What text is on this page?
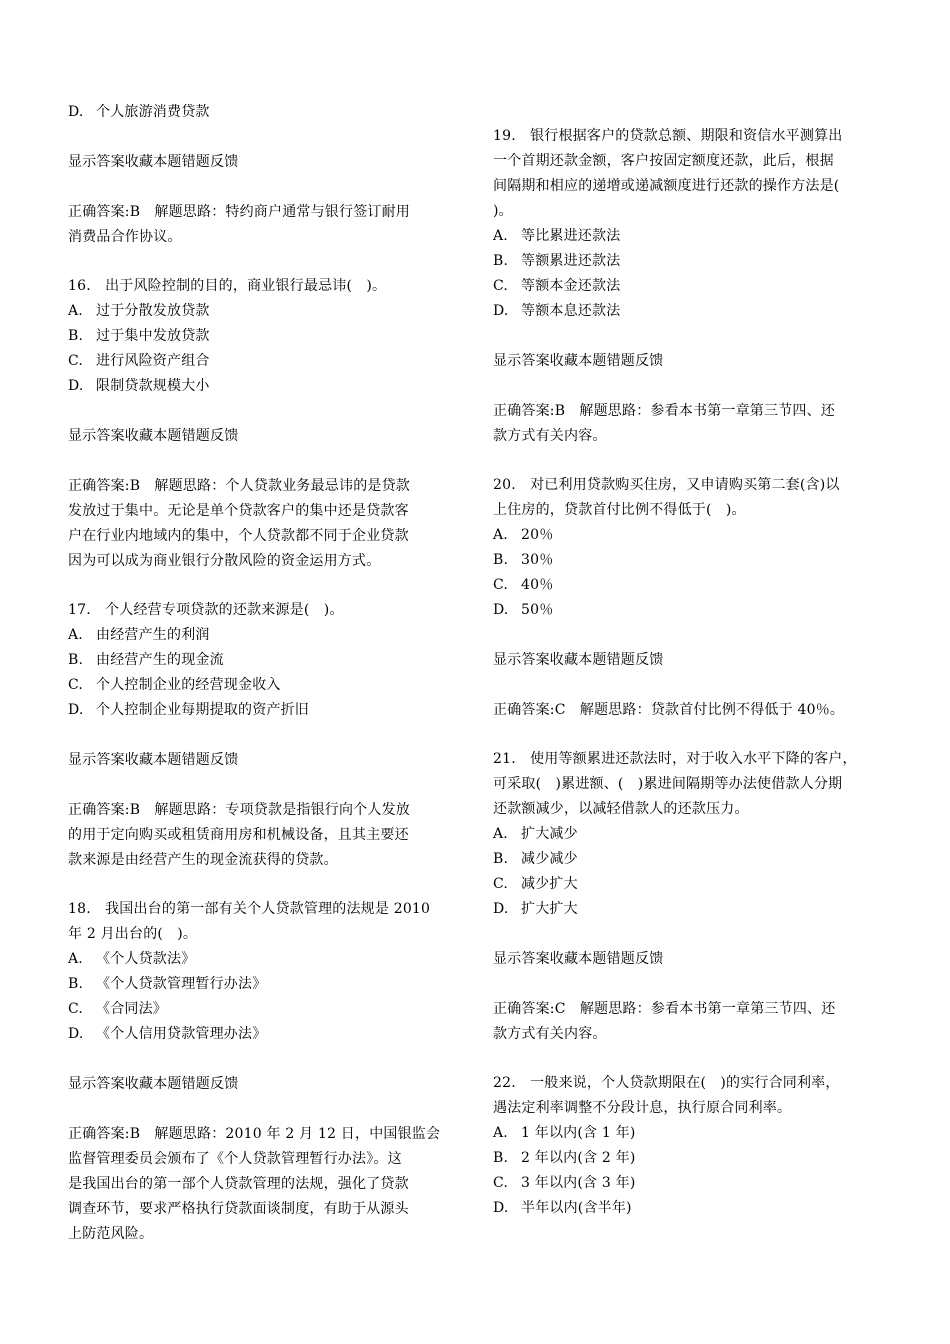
D. 个人旅游消费贷款
显示答案收藏本题错题反馈
正确答案:B　解题思路：特约商户通常与银行签订耐用
消费品合作协议。
16.　出于风险控制的目的，商业银行最忌讳(　)。
A. 过于分散发放贷款
B. 过于集中发放贷款
C. 进行风险资产组合
D. 限制贷款规模大小
显示答案收藏本题错题反馈
正确答案:B　解题思路：个人贷款业务最忌讳的是贷款
发放过于集中。无论是单个贷款客户的集中还是贷款客
户在行业内地域内的集中，个人贷款都不同于企业贷款
因为可以成为商业银行分散风险的资金运用方式。
17.　个人经营专项贷款的还款来源是(　)。
A. 由经营产生的利润
B. 由经营产生的现金流
C. 个人控制企业的经营现金收入
D. 个人控制企业每期提取的资产折旧
显示答案收藏本题错题反馈
正确答案:B　解题思路：专项贷款是指银行向个人发放
的用于定向购买或租赁商用房和机械设备，且其主要还
款来源是由经营产生的现金流获得的贷款。
18.　我国出台的第一部有关个人贷款管理的法规是 2010
年 2 月出台的(　)。
A. 《个人贷款法》
B. 《个人贷款管理暂行办法》
C. 《合同法》
D. 《个人信用贷款管理办法》
显示答案收藏本题错题反馈
正确答案:B　解题思路：2010 年 2 月 12 日，中国银监会
监督管理委员会颁布了《个人贷款管理暂行办法》。这
是我国出台的第一部个人贷款管理的法规，强化了贷款
调查环节，要求严格执行贷款面谈制度，有助于从源头
上防范风险。
19.　银行根据客户的贷款总额、期限和资信水平测算出
一个首期还款金额，客户按固定额度还款，此后，根据
间隔期和相应的递增或递减额度进行还款的操作方法是(
)。
A. 等比累进还款法
B. 等额累进还款法
C. 等额本金还款法
D. 等额本息还款法
显示答案收藏本题错题反馈
正确答案:B　解题思路：参看本书第一章第三节四、还
款方式有关内容。
20.　对已利用贷款购买住房，又申请购买第二套(含)以
上住房的，贷款首付比例不得低于(　)。
A. 20％
B. 30％
C. 40％
D. 50％
显示答案收藏本题错题反馈
正确答案:C　解题思路：贷款首付比例不得低于 40％。
21.　使用等额累进还款法时，对于收入水平下降的客户，
可采取(　)累进额、(　)累进间隔期等办法使借款人分期
还款额减少，以减轻借款人的还款压力。
A. 扩大减少
B. 减少减少
C. 减少扩大
D. 扩大扩大
显示答案收藏本题错题反馈
正确答案:C　解题思路：参看本书第一章第三节四、还
款方式有关内容。
22.　一般来说，个人贷款期限在(　)的实行合同利率，
遇法定利率调整不分段计息，执行原合同利率。
A. 1 年以内(含 1 年)
B. 2 年以内(含 2 年)
C. 3 年以内(含 3 年)
D. 半年以内(含半年)
